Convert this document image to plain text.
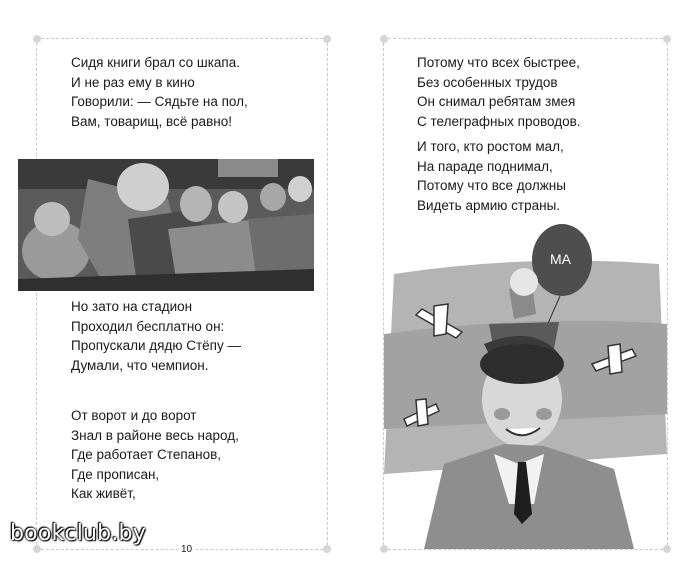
Сидя книги брал со шкапа.
И не раз ему в кино
Говорили: — Сядьте на пол,
Вам, товарищ, всё равно!
Но зато на стадион
Проходил бесплатно он:
Пропускали дядю Стёпу —
Думали, что чемпион.
От ворот и до ворот
Знал в районе весь народ,
Где работает Степанов,
Где прописан,
Как живёт,
10
Потому что всех быстрее,
Без особенных трудов
Он снимал ребятам змея
С телеграфных проводов.
И того, кто ростом мал,
На параде поднимал,
Потому что все должны
Видеть армию страны.
МА
bookclub.by
